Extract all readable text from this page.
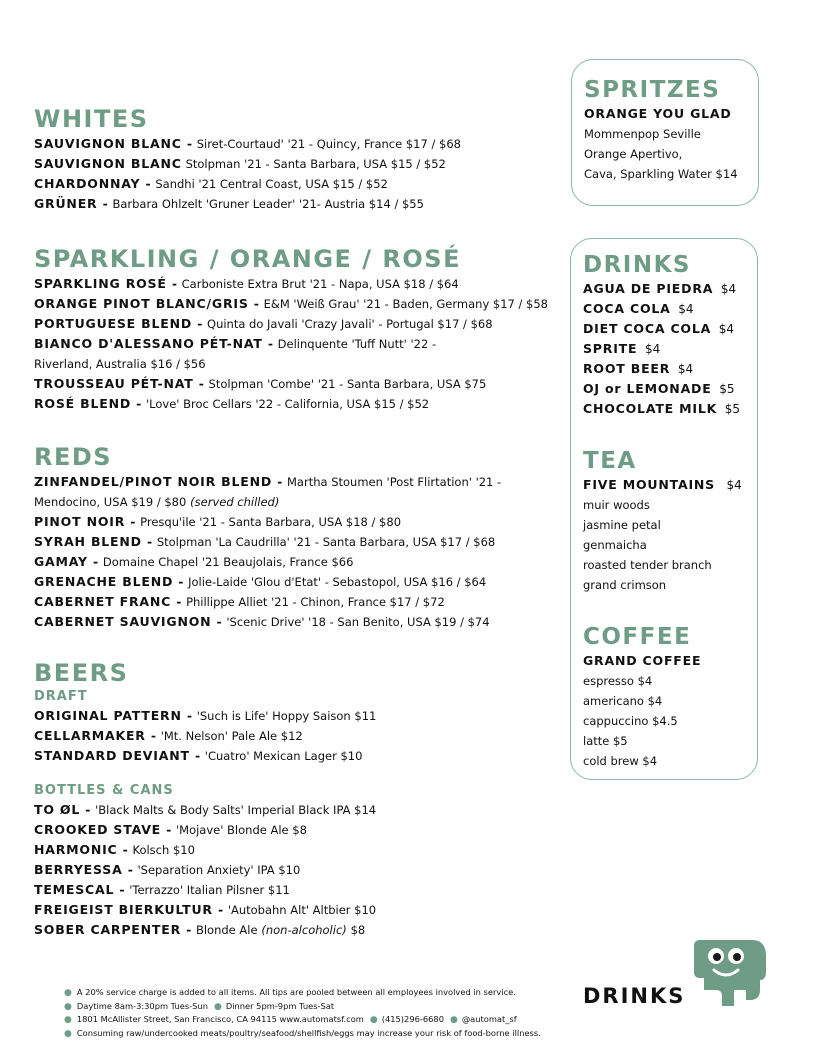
WHITES

SAUVIGNON BLANC - Siret-Courtaud' '21 - Quincy, France $17 / $68

SAUVIGNON BLANC Stolpman '21 - Santa Barbara, USA $15 / $52

CHARDONNAY - Sandhi '21 Central Coast, USA $15 / $52

GRÜNER - Barbara Ohlzelt 'Gruner Leader' '21- Austria $14 / $55

SPARKLING / ORANGE / ROSÉ

SPARKLING ROSÉ - Carboniste Extra Brut '21 - Napa, USA $18 / $64

ORANGE PINOT BLANC/GRIS - E&M 'Weiß Grau' '21 - Baden, Germany $17 / $58

PORTUGUESE BLEND - Quinta do Javali 'Crazy Javali' - Portugal $17 / $68

BIANCO D'ALESSANO PÉT-NAT - Delinquente 'Tuff Nutt' '22 -

Riverland, Australia $16 / $56

TROUSSEAU PÉT-NAT - Stolpman 'Combe' '21 - Santa Barbara, USA $75

ROSÉ BLEND - 'Love' Broc Cellars '22 - California, USA $15 / $52

REDS

ZINFANDEL/PINOT NOIR BLEND - Martha Stoumen 'Post Flirtation' '21 -

Mendocino, USA $19 / $80 (served chilled)

PINOT NOIR - Presqu'ile '21 - Santa Barbara, USA $18 / $80

SYRAH BLEND - Stolpman 'La Caudrilla' '21 - Santa Barbara, USA $17 / $68

GAMAY - Domaine Chapel '21 Beaujolais, France $66

GRENACHE BLEND - Jolie-Laide 'Glou d'Etat' - Sebastopol, USA $16 / $64

CABERNET FRANC - Phillippe Alliet '21 - Chinon, France $17 / $72

CABERNET SAUVIGNON - 'Scenic Drive' '18 - San Benito, USA $19 / $74

BEERS
DRAFT

ORIGINAL PATTERN - 'Such is Life' Hoppy Saison $11

CELLARMAKER - 'Mt. Nelson' Pale Ale $12

STANDARD DEVIANT - 'Cuatro' Mexican Lager $10

BOTTLES & CANS

TO ØL - 'Black Malts & Body Salts' Imperial Black IPA $14

CROOKED STAVE - 'Mojave' Blonde Ale $8

HARMONIC - Kolsch $10

BERRYESSA - 'Separation Anxiety' IPA $10

TEMESCAL - 'Terrazzo' Italian Pilsner $11

FREIGEIST BIERKULTUR - 'Autobahn Alt' Altbier $10

SOBER CARPENTER - Blonde Ale (non-alcoholic) $8

SPRITZES

ORANGE YOU GLAD

Mommenpop Seville

Orange Apertivo,

Cava, Sparkling Water $14

DRINKS

AGUA DE PIEDRA $4

COCA COLA $4

DIET COCA COLA $4

SPRITE $4

ROOT BEER $4

OJ or LEMONADE $5

CHOCOLATE MILK $5

TEA

FIVE MOUNTAINS $4

muir woods

jasmine petal

genmaicha

roasted tender branch

grand crimson

COFFEE

GRAND COFFEE

espresso $4

americano $4

cappuccino $4.5

latte $5

cold brew $4

● A 20% service charge is added to all items. All tips are pooled between all employees involved in service.

● Daytime 8am-3:30pm Tues-Sun ● Dinner 5pm-9pm Tues-Sat

● 1801 McAllister Street, San Francisco, CA 94115 www.automatsf.com ● (415)296-6680 ● @automat_sf

● Consuming raw/undercooked meats/poultry/seafood/shellfish/eggs may increase your risk of food-borne illness.

DRINKS
